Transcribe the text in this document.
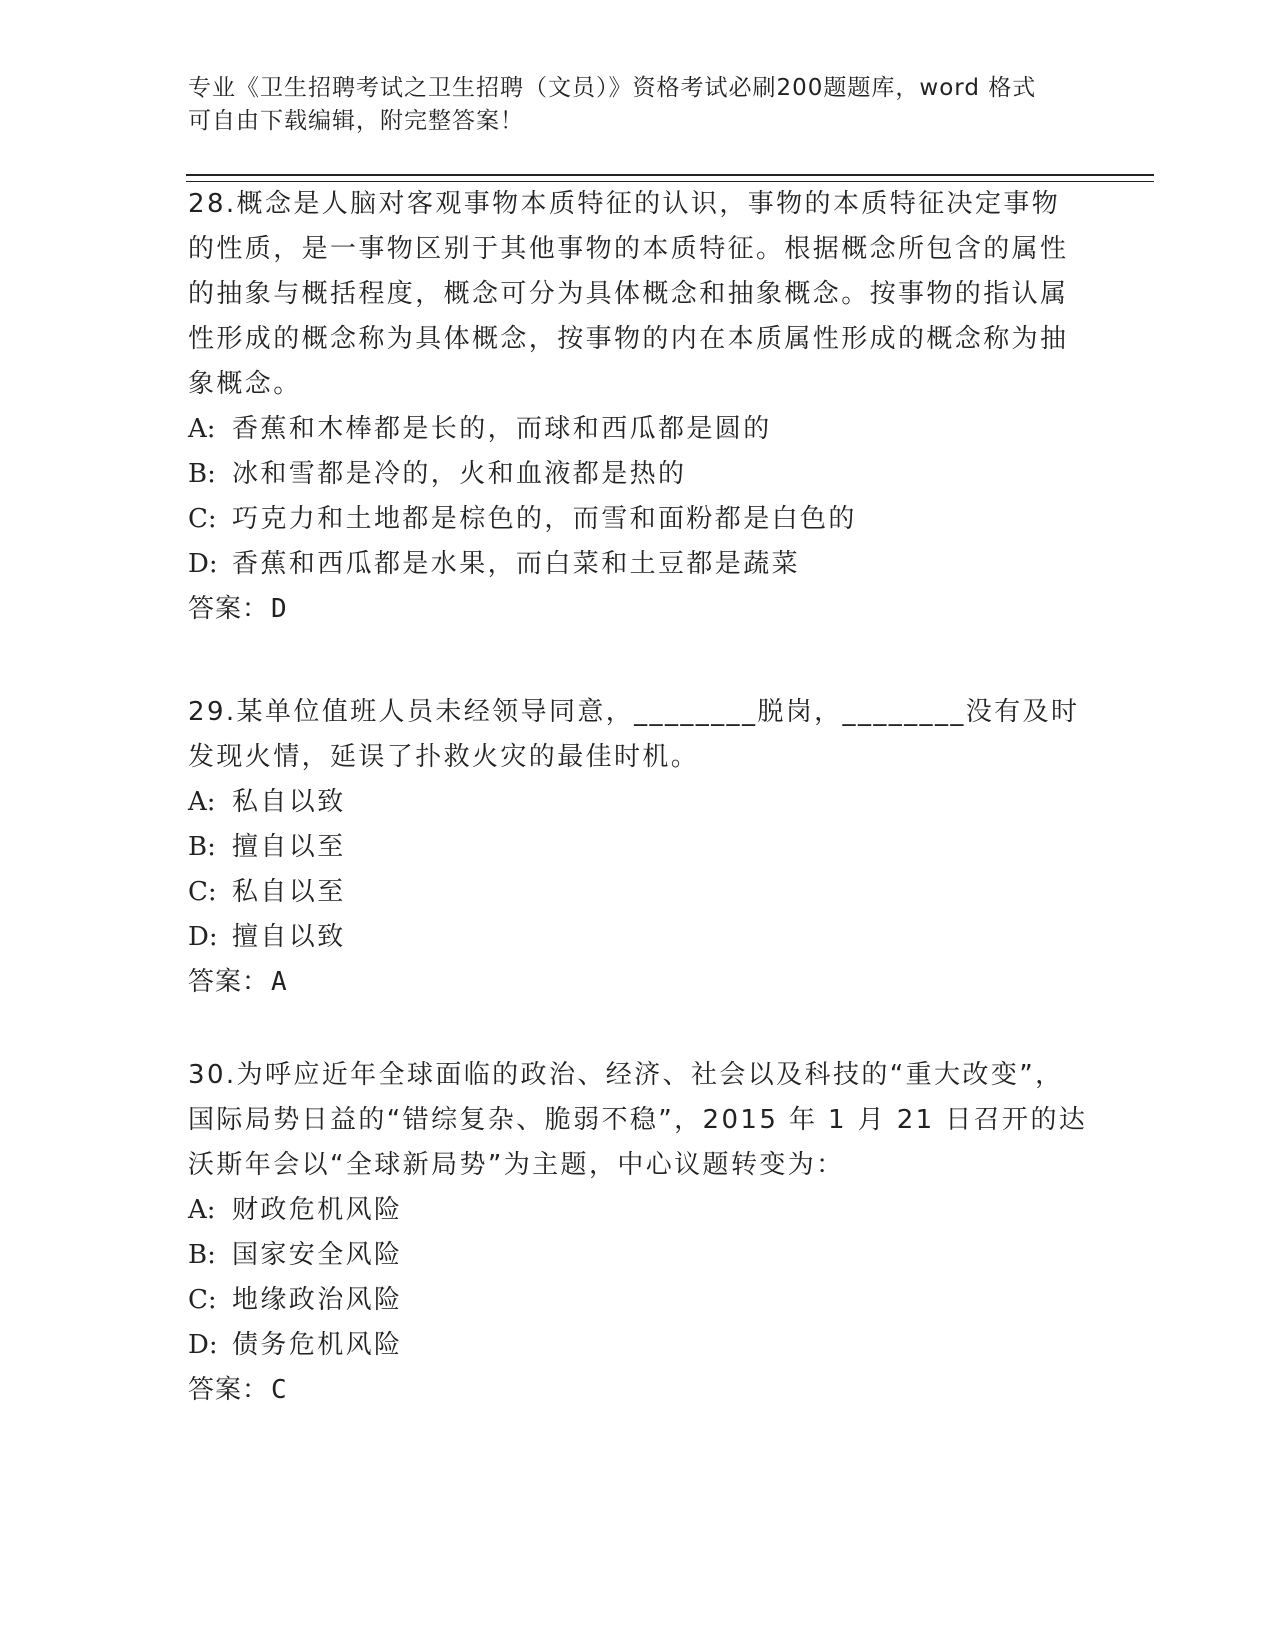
专业《卫生招聘考试之卫生招聘（文员）》资格考试必刷200题题库，word 格式
可自由下载编辑，附完整答案！

28.概念是人脑对客观事物本质特征的认识，事物的本质特征决定事物的性质，是一事物区别于其他事物的本质特征。根据概念所包含的属性的抽象与概括程度，概念可分为具体概念和抽象概念。按事物的指认属性形成的概念称为具体概念，按事物的内在本质属性形成的概念称为抽象概念。

A: 香蕉和木棒都是长的，而球和西瓜都是圆的

B: 冰和雪都是冷的，火和血液都是热的

C: 巧克力和土地都是棕色的，而雪和面粉都是白色的

D: 香蕉和西瓜都是水果，而白菜和土豆都是蔬菜

答案：D

29.某单位值班人员未经领导同意，________脱岗，________没有及时发现火情，延误了扑救火灾的最佳时机。

A: 私自以致

B: 擅自以至

C: 私自以至

D: 擅自以致

答案：A

30.为呼应近年全球面临的政治、经济、社会以及科技的“重大改变”，国际局势日益的“错综复杂、脆弱不稳”，2015 年 1 月 21 日召开的达沃斯年会以“全球新局势”为主题，中心议题转变为：

A: 财政危机风险

B: 国家安全风险

C: 地缘政治风险

D: 债务危机风险

答案：C
